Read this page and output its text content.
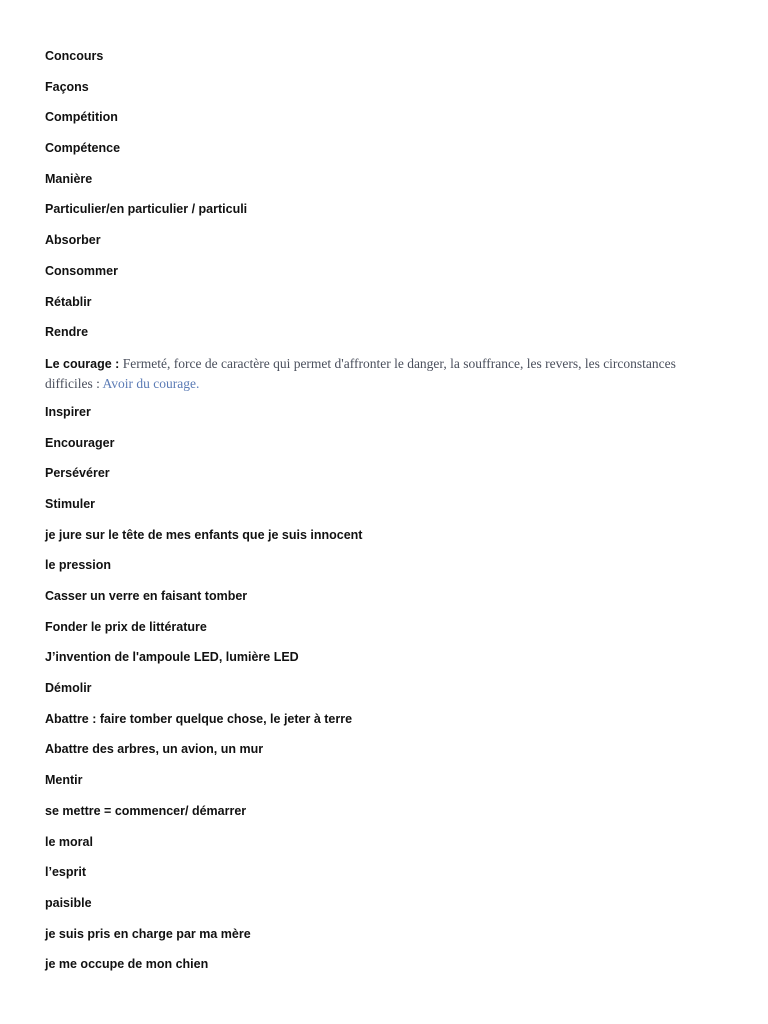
Concours
Façons
Compétition
Compétence
Manière
Particulier/en particulier / particuli
Absorber
Consommer
Rétablir
Rendre
Le courage : Fermeté, force de caractère qui permet d'affronter le danger, la souffrance, les revers, les circonstances difficiles : Avoir du courage.
Inspirer
Encourager
Persévérer
Stimuler
je jure sur le tête de mes enfants que je suis innocent
le pression
Casser un verre en faisant tomber
Fonder le prix de littérature
J’invention de l'ampoule LED, lumière LED
Démolir
Abattre : faire tomber quelque chose, le jeter à terre
Abattre des arbres, un avion, un mur
Mentir
se mettre = commencer/ démarrer
le moral
l’esprit
paisible
je suis pris en charge par ma mère
je me occupe de mon chien
